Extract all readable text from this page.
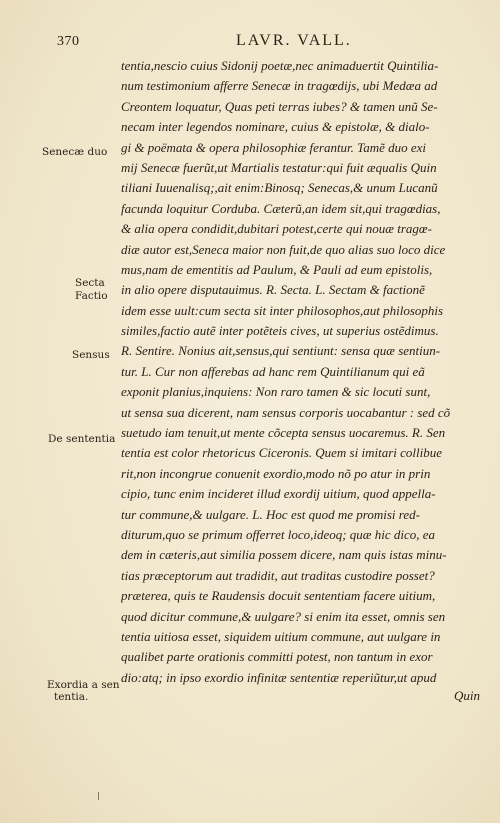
370	LAVR. VALL.
tentia,nescio cuius Sidonij poetæ,nec animaduertit Quintilia-
num testimonium afferre Senecæ in tragœdijs, ubi Medæa ad
Creontem loquatur, Quas peti terras iubes? & tamen unũ Se-
necam inter legendos nominare, cuius & epistolæ, & dialo-
gi & poëmata & opera philosophiæ ferantur. Tamẽ duo exi
mij Senecæ fuerũt,ut Martialis testatur:qui fuit æqualis Quin
tiliani Iuuenalisq;,ait enim:Binosq; Senecas,& unum Lucanũ
facunda loquitur Corduba. Cæterũ,an idem sit,qui tragœdias,
& alia opera condidit,dubitari potest,certe qui nouæ tragœ-
diæ autor est,Seneca maior non fuit,de quo alias suo loco dice
mus,nam de ementitis ad Paulum, & Pauli ad eum epistolis,
in alio opere disputauimus. R. Secta. L. Sectam & factionẽ
idem esse uult:cum secta sit inter philosophos,aut philosophis
similes,factio autẽ inter potẽteis cives, ut superius ostẽdimus.
R. Sentire. Nonius ait,sensus,qui sentiunt: sensa quæ sentiun-
tur. L. Cur non afferebas ad hanc rem Quintilianum qui eã
exponit planius,inquiens: Non raro tamen & sic locuti sunt,
ut sensa sua dicerent, nam sensus corporis uocabantur : sed cõ
suetudo iam tenuit,ut mente cõcepta sensus uocaremus. R. Sen
tentia est color rhetoricus Ciceronis. Quem si imitari collibue
rit,non incongrue conuenit exordio,modo nõ po atur in prin
cipio, tunc enim incideret illud exordij uitium, quod appella-
tur commune,& uulgare. L. Hoc est quod me promisi red-
diturum,quo se primum offerret loco,ideoq; quæ hic dico, ea
dem in cæteris,aut similia possem dicere, nam quis istas minu-
tias præceptorum aut tradidit, aut traditas custodire posset?
præterea, quis te Raudensis docuit sententiam facere uitium,
quod dicitur commune,& uulgare? si enim ita esset, omnis sen
tentia uitiosa esset, siquidem uitium commune, aut uulgare in
qualibet parte orationis committi potest, non tantum in exor
dio:atq; in ipso exordio infinitæ sententiæ reperiũtur,ut apud
Senecæ duo
Secta
Factio
Sensus
De sententia
Exordia a sen
tentia.	Quin
